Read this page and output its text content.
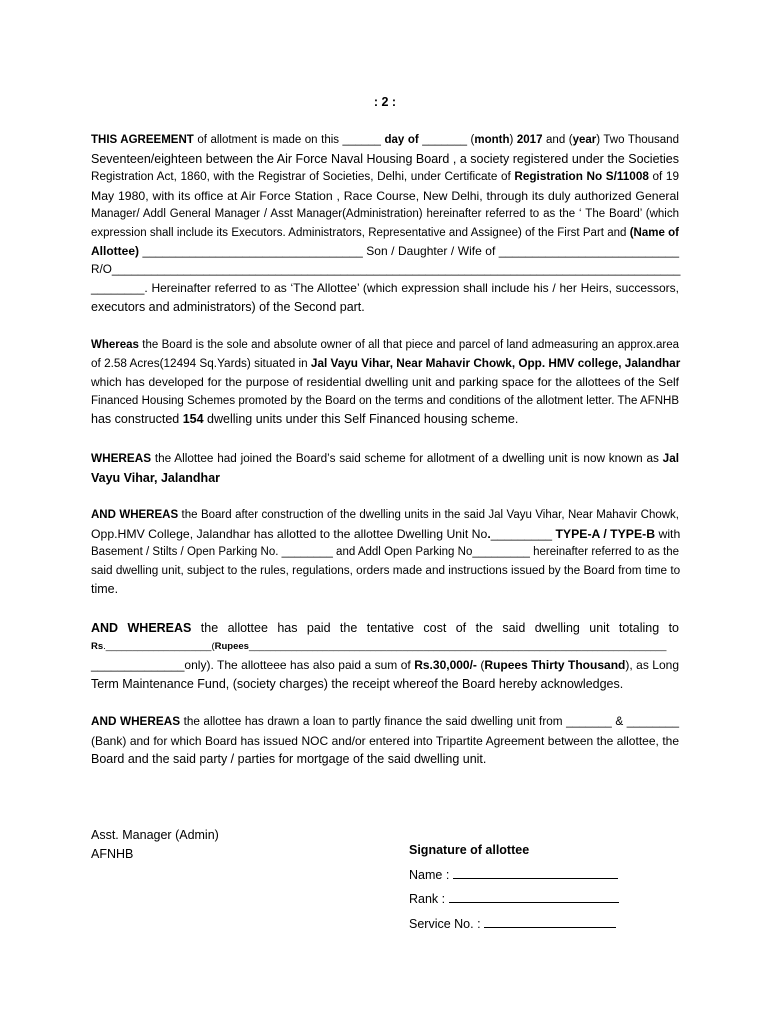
: 2 :
THIS AGREEMENT of allotment is made on this ______ day of _______ (month) 2017 and (year) Two Thousand
Seventeen/eighteen between the Air Force Naval Housing Board , a society registered under the Societies
Registration Act, 1860, with the Registrar of Societies, Delhi, under Certificate of Registration No S/11008 of 19
May 1980, with its office at Air Force Station , Race Course, New Delhi, through its duly authorized General
Manager/ Addl General Manager / Asst Manager(Administration) hereinafter referred to as the ‘ The Board’ (which
expression shall include its Executors. Administrators, Representative and Assignee) of the First Part and (Name of
Allottee) _________________________________ Son / Daughter / Wife of ___________________________
R/O_______________________________________________________________________________________
________. Hereinafter referred to as ‘The Allottee’ (which expression shall include his / her Heirs, successors,
executors and administrators) of the Second part.
Whereas the Board is the sole and absolute owner of all that piece and parcel of land admeasuring an approx.area
of 2.58 Acres(12494 Sq.Yards) situated in Jal Vayu Vihar, Near Mahavir Chowk, Opp. HMV college, Jalandhar
which has developed for the purpose of residential dwelling unit and parking space for the allottees of the Self
Financed Housing Schemes promoted by the Board on the terms and conditions of the allotment letter. The AFNHB
has constructed 154 dwelling units under this Self Financed housing scheme.
WHEREAS the Allottee had joined the Board’s said scheme for allotment of a dwelling unit is now known as Jal
Vayu Vihar, Jalandhar
AND WHEREAS the Board after construction of the dwelling units in the said Jal Vayu Vihar, Near Mahavir Chowk,
Opp.HMV College, Jalandhar has allotted to the allottee Dwelling Unit No._________ TYPE-A / TYPE-B with
Basement / Stilts / Open Parking No. ________ and Addl Open Parking No_________ hereinafter referred to as the
said dwelling unit, subject to the rules, regulations, orders made and instructions issued by the Board from time to
time.
AND WHEREAS the allottee has paid the tentative cost of the said dwelling unit totaling to
Rs.____________________(Rupees_______________________________________________________________________________
______________only). The allotteee has also paid a sum of Rs.30,000/- (Rupees Thirty Thousand), as Long
Term Maintenance Fund, (society charges) the receipt whereof the Board hereby acknowledges.
AND WHEREAS the allottee has drawn a loan to partly finance the said dwelling unit from _______ & ________
(Bank) and for which Board has issued NOC and/or entered into Tripartite Agreement between the allottee, the
Board and the said party / parties for mortgage of the said dwelling unit.
Asst. Manager (Admin)
AFNHB	Signature of allottee
Name :
Rank :
Service No. :
